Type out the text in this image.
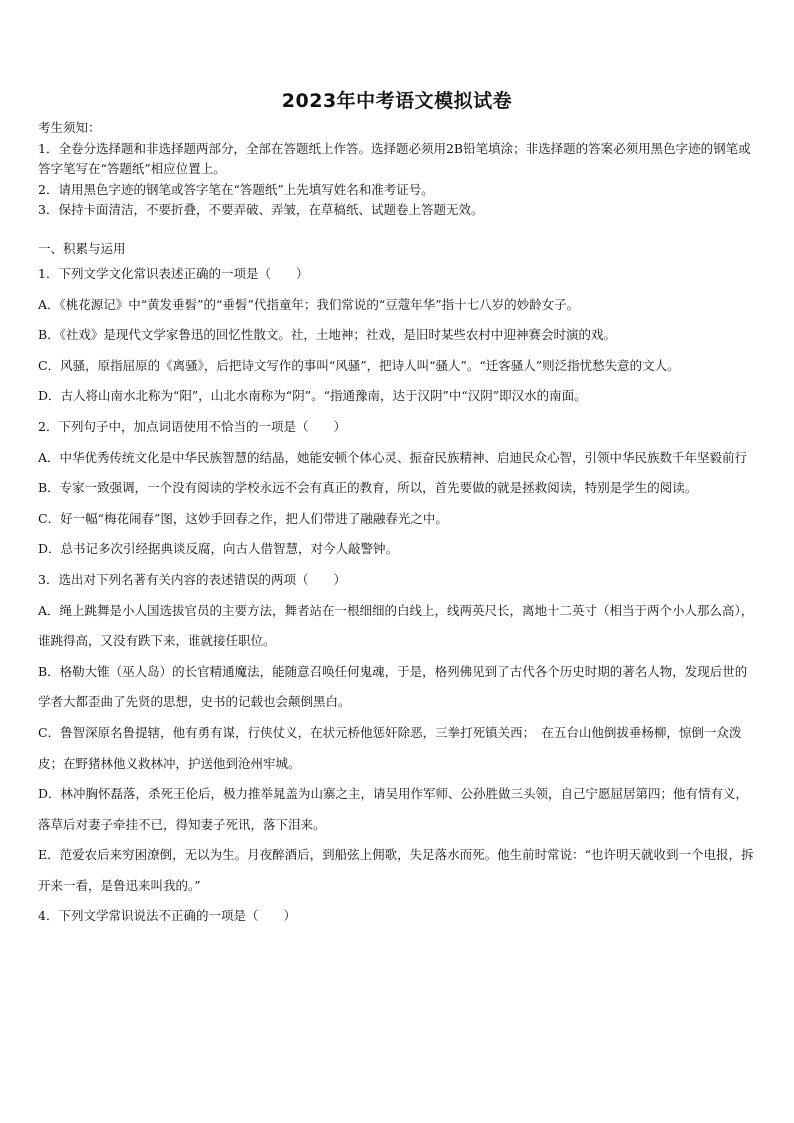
2023年中考语文模拟试卷
考生须知：
1．全卷分选择题和非选择题两部分，全部在答题纸上作答。选择题必须用2B铅笔填涂；非选择题的答案必须用黑色字迹的钢笔或答字笔写在“答题纸”相应位置上。
2．请用黑色字迹的钢笔或答字笔在“答题纸”上先填写姓名和准考证号。
3．保持卡面清洁，不要折叠，不要弄破、弄皱，在草稿纸、试题卷上答题无效。
一、积累与运用
1．下列文学文化常识表述正确的一项是（　　）
A．《桃花源记》中“黄发垂髫”的“垂髫”代指童年；我们常说的“豆蔻年华”指十七八岁的妙龄女子。
B．《社戏》是现代文学家鲁迅的回忆性散文。社，土地神；社戏，是旧时某些农村中迎神赛会时演的戏。
C．风骚，原指屈原的《离骚》，后把诗文写作的事叫“风骚”，把诗人叫“骚人”。“迁客骚人”则泛指忧愁失意的文人。
D．古人将山南水北称为“阳”，山北水南称为“阴”。“指通豫南，达于汉阴”中“汉阴”即汉水的南面。
2．下列句子中，加点词语使用不恰当的一项是（　　）
A．中华优秀传统文化是中华民族智慧的结晶，她能安顿个体心灵、振奋民族精神、启迪民众心智，引领中华民族数千年坚毅前行
B．专家一致强调，一个没有阅读的学校永远不会有真正的教育，所以，首先要做的就是拯救阅读，特别是学生的阅读。
C．好一幅“梅花闹春”图，这妙手回春之作，把人们带进了融融春光之中。
D．总书记多次引经据典谈反腐，向古人借智慧，对今人敲警钟。
3．选出对下列名著有关内容的表述错误的两项（　　）
A．绳上跳舞是小人国选拔官员的主要方法，舞者站在一根细细的白线上，线两英尺长，离地十二英寸（相当于两个小人那么高），谁跳得高，又没有跌下来，谁就接任职位。
B．格勒大锥（巫人岛）的长官精通魔法，能随意召唤任何鬼魂，于是，格列佛见到了古代各个历史时期的著名人物，发现后世的学者大都歪曲了先贤的思想，史书的记载也会颠倒黑白。
C．鲁智深原名鲁提辖，他有勇有谋，行侠仗义，在状元桥他惩奸除恶，三拳打死镇关西；　在五台山他倒拔垂杨柳，惊倒一众泼皮；在野猪林他义救林冲，护送他到沧州牢城。
D．林冲胸怀磊落，杀死王伦后，极力推举晁盖为山寨之主，请吴用作军师、公孙胜做三头领，自己宁愿屈居第四；他有情有义，落草后对妻子牵挂不已，得知妻子死讯，落下泪来。
E．范爱农后来穷困潦倒，无以为生。月夜醉酒后，到船弦上佣歌，失足落水而死。他生前时常说：“也许明天就收到一个电报，拆开来一看，是鲁迅来叫我的。”
4．下列文学常识说法不正确的一项是（　　）
